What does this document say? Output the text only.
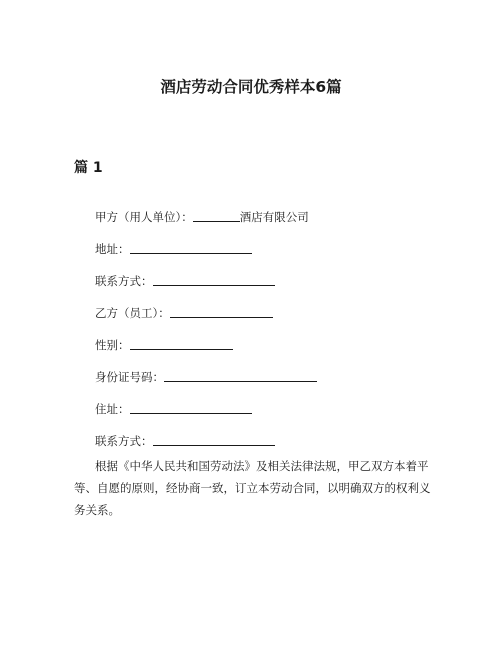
酒店劳动合同优秀样本6篇
篇 1
甲方（用人单位）：	酒店有限公司
地址：
联系方式：
乙方（员工）：
性别：
身份证号码：
住址：
联系方式：

根据《中华人民共和国劳动法》及相关法律法规，甲乙双方本着平等、自愿的原则，经协商一致，订立本劳动合同，以明确双方的权利义务关系。
